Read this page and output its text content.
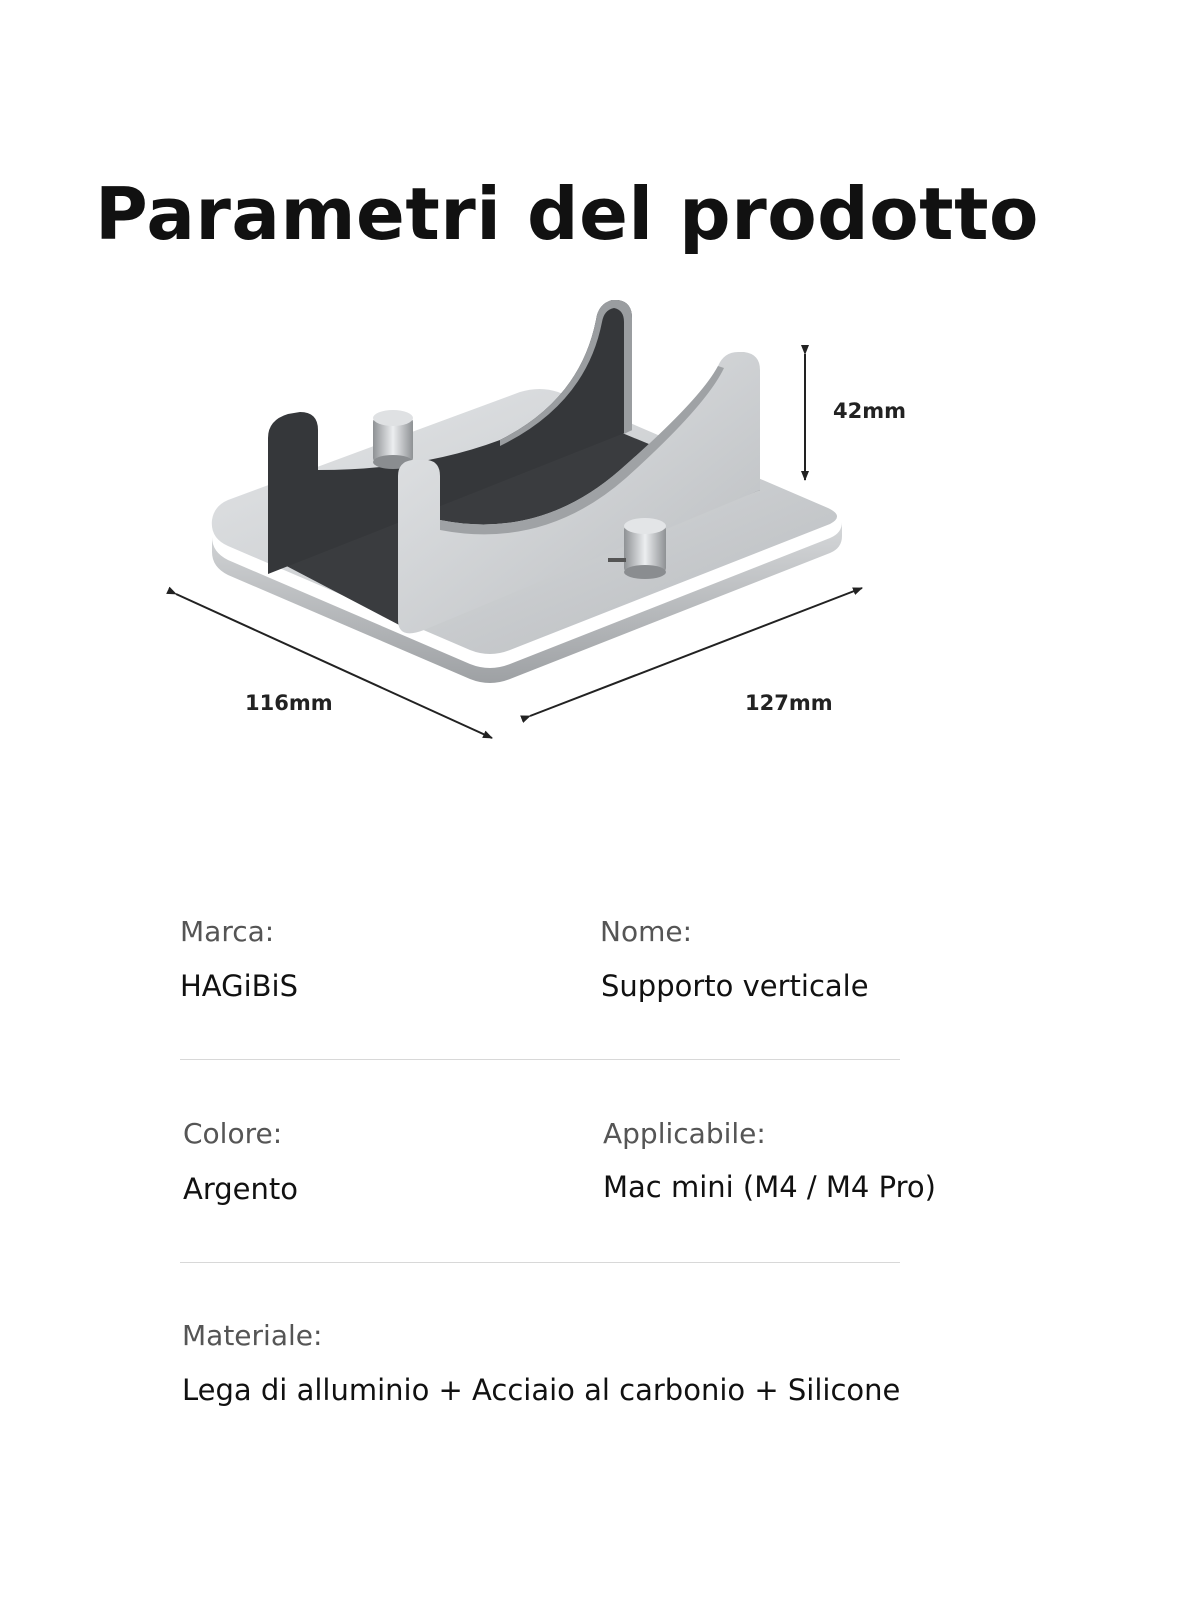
Parametri del prodotto
42mm
116mm	127mm
Marca:
HAGiBiS
Nome:
Supporto verticale
Colore:
Argento
Applicabile:
Mac mini (M4 / M4 Pro)
Materiale:
Lega di alluminio + Acciaio al carbonio + Silicone
